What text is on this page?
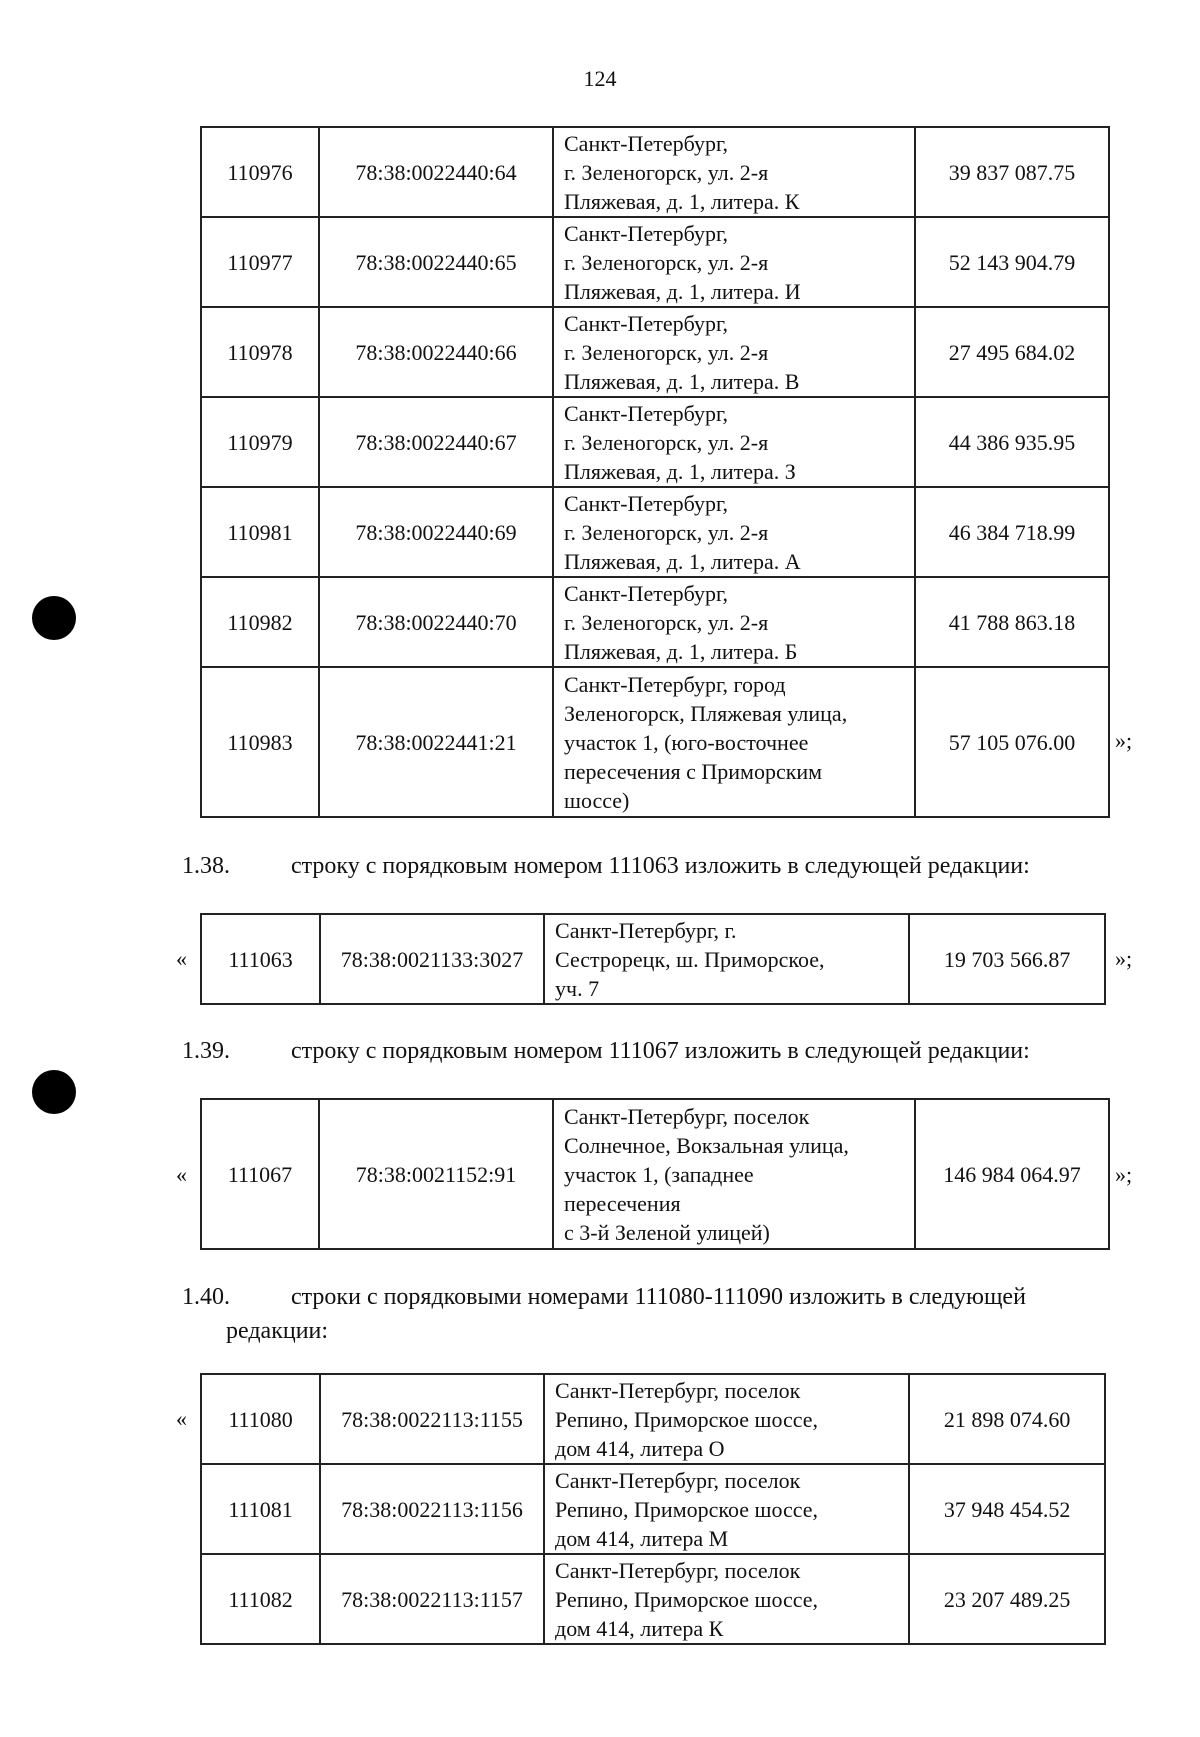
124
110976	78:38:0022440:64	Санкт-Петербург,
г. Зеленогорск, ул. 2-я
Пляжевая, д. 1, литера. К	39 837 087.75
110977	78:38:0022440:65	Санкт-Петербург,
г. Зеленогорск, ул. 2-я
Пляжевая, д. 1, литера. И	52 143 904.79
110978	78:38:0022440:66	Санкт-Петербург,
г. Зеленогорск, ул. 2-я
Пляжевая, д. 1, литера. В	27 495 684.02
110979	78:38:0022440:67	Санкт-Петербург,
г. Зеленогорск, ул. 2-я
Пляжевая, д. 1, литера. З	44 386 935.95
110981	78:38:0022440:69	Санкт-Петербург,
г. Зеленогорск, ул. 2-я
Пляжевая, д. 1, литера. А	46 384 718.99
110982	78:38:0022440:70	Санкт-Петербург,
г. Зеленогорск, ул. 2-я
Пляжевая, д. 1, литера. Б	41 788 863.18
110983	78:38:0022441:21	Санкт-Петербург, город
Зеленогорск, Пляжевая улица,
участок 1, (юго-восточнее
пересечения с Приморским
шоссе)	57 105 076.00 »;
1.38.	строку с порядковым номером 111063 изложить в следующей редакции:
« 111063	78:38:0021133:3027	Санкт-Петербург, г.
Сестрорецк, ш. Приморское,
уч. 7	19 703 566.87 »;
1.39.	строку с порядковым номером 111067 изложить в следующей редакции:
« 111067	78:38:0021152:91	Санкт-Петербург, поселок
Солнечное, Вокзальная улица,
участок 1, (западнее
пересечения
с 3-й Зеленой улицей)	146 984 064.97 »;
1.40.	строки с порядковыми номерами 111080-111090 изложить в следующей
редакции:
« 111080	78:38:0022113:1155	Санкт-Петербург, поселок
Репино, Приморское шоссе,
дом 414, литера О	21 898 074.60
111081	78:38:0022113:1156	Санкт-Петербург, поселок
Репино, Приморское шоссе,
дом 414, литера М	37 948 454.52
111082	78:38:0022113:1157	Санкт-Петербург, поселок
Репино, Приморское шоссе,
дом 414, литера К	23 207 489.25
